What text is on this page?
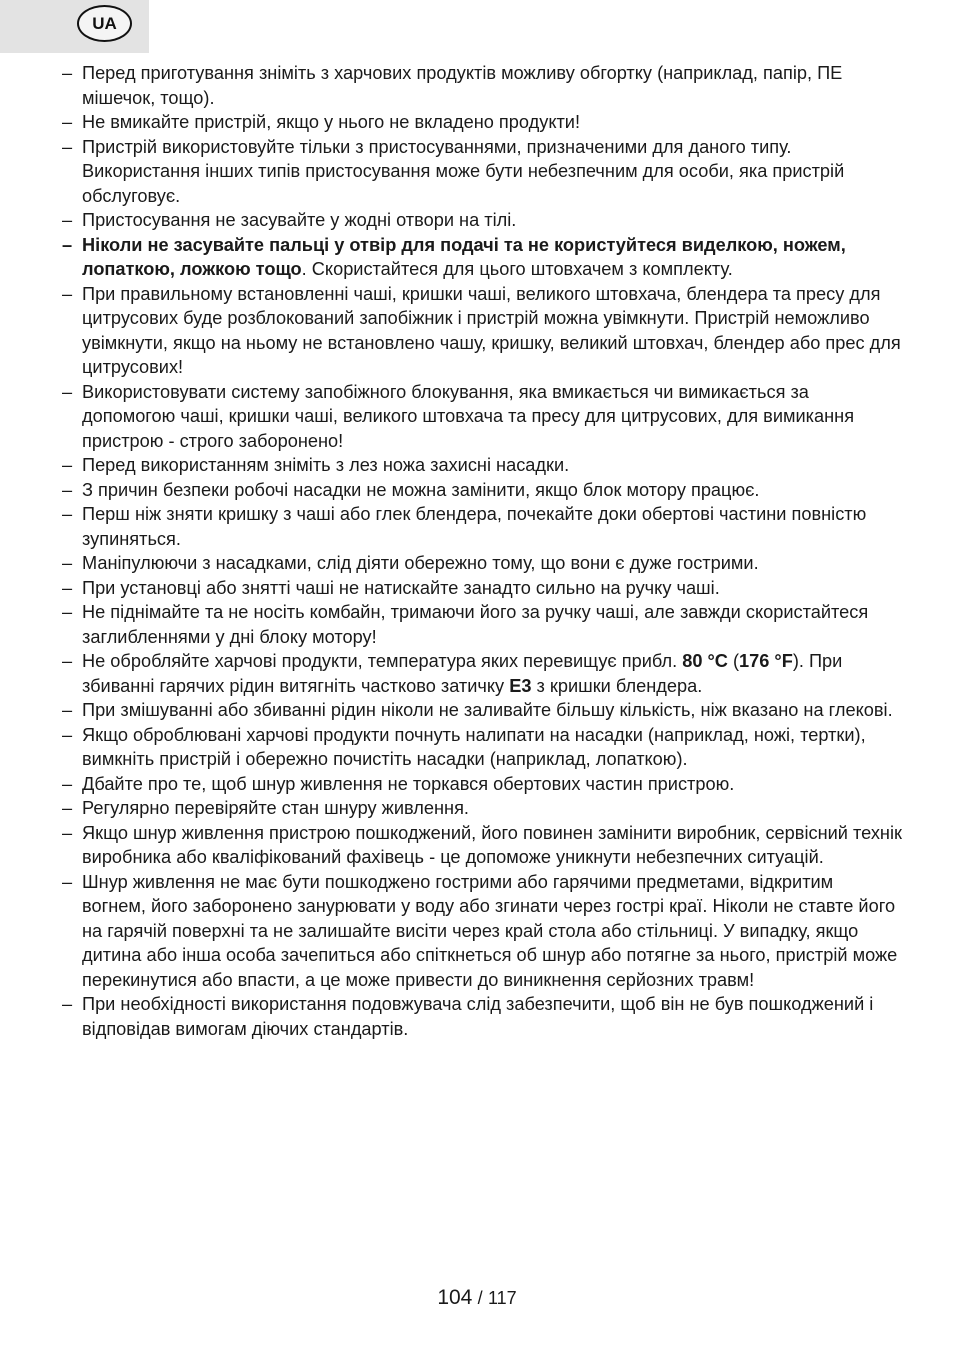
UA

– Перед приготування зніміть з харчових продуктів можливу обгортку (наприклад, папір, ПЕ мішечок, тощо).

– Не вмикайте пристрій, якщо у нього не вкладено продукти!

– Пристрій використовуйте тільки з пристосуваннями, призначеними для даного типу. Використання інших типів пристосування може бути небезпечним для особи, яка пристрій обслуговує.

– Пристосування не засувайте у жодні отвори на тілі.

– Ніколи не засувайте пальці у отвір для подачі та не користуйтеся виделкою, ножем, лопаткою, ложкою тощо. Скористайтеся для цього штовхачем з комплекту.

– При правильному встановленні чаші, кришки чаші, великого штовхача, блендера та пресу для цитрусових буде розблокований запобіжник і пристрій можна увімкнути. Пристрій неможливо увімкнути, якщо на ньому не встановлено чашу, кришку, великий штовхач, блендер або прес для цитрусових!

– Використовувати систему запобіжного блокування, яка вмикається чи вимикається за допомогою чаші, кришки чаші, великого штовхача та пресу для цитрусових, для вимикання пристрою - строго заборонено!

– Перед використанням зніміть з лез ножа захисні насадки.

– З причин безпеки робочі насадки не можна замінити, якщо блок мотору працює.

– Перш ніж зняти кришку з чаші або глек блендера, почекайте доки обертові частини повністю зупиняться.

– Маніпулюючи з насадками, слід діяти обережно тому, що вони є дуже гострими.

– При установці або знятті чаші не натискайте занадто сильно на ручку чаші.

– Не піднімайте та не носіть комбайн, тримаючи його за ручку чаші, але завжди скористайтеся заглибленнями у дні блоку мотору!

– Не обробляйте харчові продукти, температура яких перевищує прибл. 80 °C (176 °F). При збиванні гарячих рідин витягніть частково затичку E3 з кришки блендера.

– При змішуванні або збиванні рідин ніколи не заливайте більшу кількість, ніж вказано на глекові.

– Якщо оброблювані харчові продукти почнуть налипати на насадки (наприклад, ножі, тертки), вимкніть пристрій і обережно почистіть насадки (наприклад, лопаткою).

– Дбайте про те, щоб шнур живлення не торкався обертових частин пристрою.

– Регулярно перевіряйте стан шнуру живлення.

– Якщо шнур живлення пристрою пошкоджений, його повинен замінити виробник, сервісний технік виробника або кваліфікований фахівець - це допоможе уникнути небезпечних ситуацій.

– Шнур живлення не має бути пошкоджено гострими або гарячими предметами, відкритим вогнем, його заборонено занурювати у воду або згинати через гострі краї. Ніколи не ставте його на гарячій поверхні та не залишайте висіти через край стола або стільниці. У випадку, якщо дитина або інша особа зачепиться або спіткнеться об шнур або потягне за нього, пристрій може перекинутися або впасти, а це може привести до виникнення серйозних травм!

– При необхідності використання подовжувача слід забезпечити, щоб він не був пошкоджений і відповідав вимогам діючих стандартів.

104 / 117
